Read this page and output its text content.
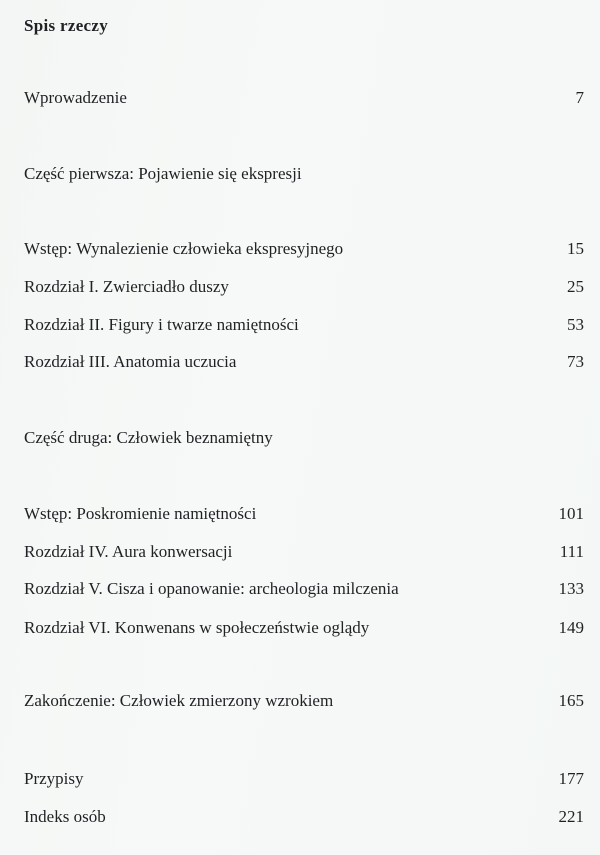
Spis rzeczy
Wprowadzenie	7
Część pierwsza: Pojawienie się ekspresji
Wstęp: Wynalezienie człowieka ekspresyjnego	15
Rozdział I. Zwierciadło duszy	25
Rozdział II. Figury i twarze namiętności	53
Rozdział III. Anatomia uczucia	73
Część druga: Człowiek beznamiętny
Wstęp: Poskromienie namiętności	101
Rozdział IV. Aura konwersacji	111
Rozdział V. Cisza i opanowanie: archeologia milczenia	133
Rozdział VI. Konwenans w społeczeństwie oglądy	149
Zakończenie: Człowiek zmierzony wzrokiem	165
Przypisy	177
Indeks osób	221
